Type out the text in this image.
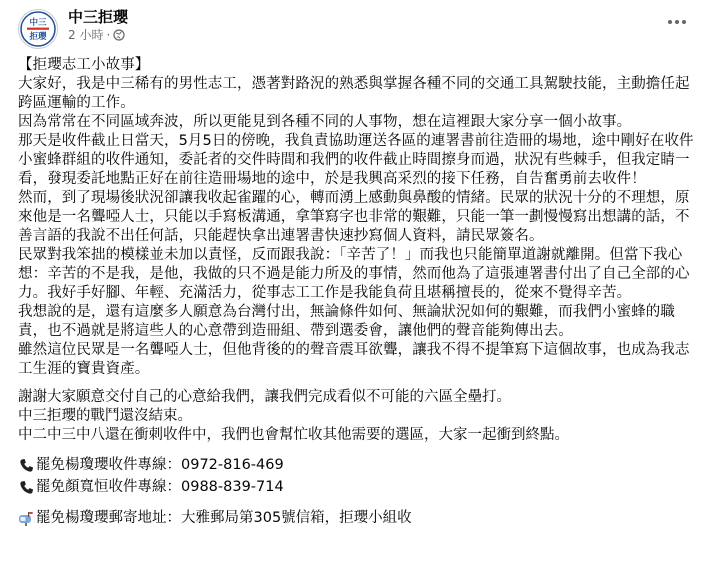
中三
拒瓔
中三拒瓔
2 小時 ·

【拒瓔志工小故事】

大家好，我是中三稀有的男性志工，憑著對路況的熟悉與掌握各種不同的交通工具駕駛技能，主動擔任起跨區運輸的工作。

因為常常在不同區域奔波，所以更能見到各種不同的人事物，想在這裡跟大家分享一個小故事。

那天是收件截止日當天，5月5日的傍晚，我負責協助運送各區的連署書前往造冊的場地，途中剛好在收件小蜜蜂群組的收件通知，委託者的交件時間和我們的收件截止時間擦身而過，狀況有些棘手，但我定睛一看，發現委託地點正好在前往造冊場地的途中，於是我興高采烈的接下任務，自告奮勇前去收件！

然而，到了現場後狀況卻讓我收起雀躍的心，轉而湧上感動與鼻酸的情緒。民眾的狀況十分的不理想，原來他是一名聾啞人士，只能以手寫板溝通，拿筆寫字也非常的艱難，只能一筆一劃慢慢寫出想講的話，不善言語的我說不出任何話，只能趕快拿出連署書快速抄寫個人資料，請民眾簽名。

民眾對我笨拙的模樣並未加以責怪，反而跟我說：「辛苦了！」而我也只能簡單道謝就離開。但當下我心想：辛苦的不是我，是他，我做的只不過是能力所及的事情，然而他為了這張連署書付出了自己全部的心力。我好手好腳、年輕、充滿活力，從事志工工作是我能負荷且堪稱擅長的，從來不覺得辛苦。

我想說的是，還有這麼多人願意為台灣付出，無論條件如何、無論狀況如何的艱難，而我們小蜜蜂的職責，也不過就是將這些人的心意帶到造冊組、帶到選委會，讓他們的聲音能夠傳出去。

雖然這位民眾是一名聾啞人士，但他背後的的聲音震耳欲聾，讓我不得不提筆寫下這個故事，也成為我志工生涯的寶貴資產。

謝謝大家願意交付自己的心意給我們，讓我們完成看似不可能的六區全壘打。

中三拒瓔的戰鬥還沒結束。

中二中三中八還在衝刺收件中，我們也會幫忙收其他需要的選區，大家一起衝到終點。

罷免楊瓊瓔收件專線：0972-816-469
罷免顏寬恒收件專線：0988-839-714
罷免楊瓊瓔郵寄地址：大雅郵局第305號信箱，拒瓔小組收
